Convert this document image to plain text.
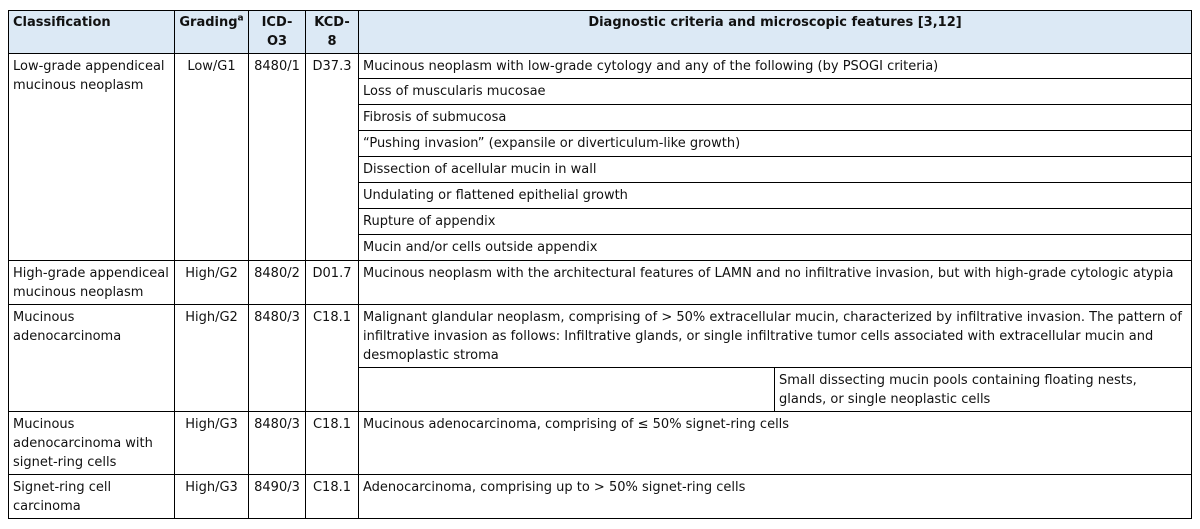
Classification	Grading$^a$	ICD-O3	KCD-8	Diagnostic criteria and microscopic features [3,12]	
Low-grade appendiceal mucinous neoplasm	Low/G1	8480/1	D37.3	Mucinous neoplasm with low-grade cytology and any of the following (by PSOGI criteria)	
				Loss of muscularis mucosae	
				Fibrosis of submucosa	
				“Pushing invasion” (expansile or diverticulum-like growth)	
				Dissection of acellular mucin in wall	
				Undulating or flattened epithelial growth	
				Rupture of appendix	
				Mucin and/or cells outside appendix	
High-grade appendiceal mucinous neoplasm	High/G2	8480/2	D01.7	Mucinous neoplasm with the architectural features of LAMN and no infiltrative invasion, but with high-grade cytologic atypia	
Mucinous adenocarcinoma	High/G2	8480/3	C18.1	Malignant glandular neoplasm, comprising of > 50% extracellular mucin, characterized by infiltrative invasion. The pattern of infiltrative invasion as follows: Infiltrative glands, or single infiltrative tumor cells associated with extracellular mucin and desmoplastic stroma	
					Small dissecting mucin pools containing floating nests, glands, or single neoplastic cells
Mucinous adenocarcinoma with signet-ring cells	High/G3	8480/3	C18.1	Mucinous adenocarcinoma, comprising of ≤ 50% signet-ring cells	
Signet-ring cell carcinoma	High/G3	8490/3	C18.1	Adenocarcinoma, comprising up to > 50% signet-ring cells	
